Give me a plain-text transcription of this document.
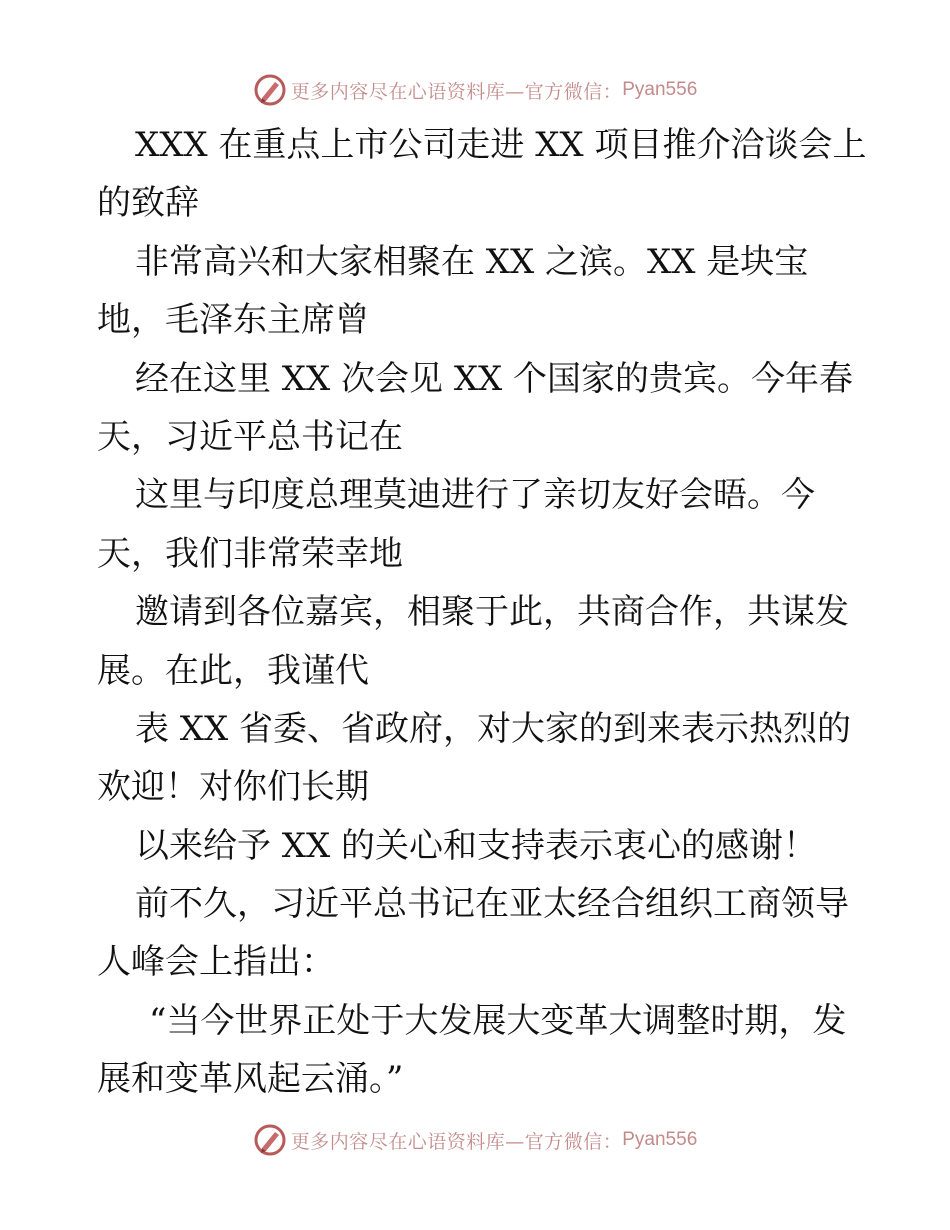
更多内容尽在心语资料库—官方微信： Pyan556
XXX 在重点上市公司走进 XX 项目推介洽谈会上
的致辞
非常高兴和大家相聚在 XX 之滨。XX 是块宝
地，毛泽东主席曾
经在这里 XX 次会见 XX 个国家的贵宾。今年春
天，习近平总书记在
这里与印度总理莫迪进行了亲切友好会晤。今
天，我们非常荣幸地
邀请到各位嘉宾，相聚于此，共商合作，共谋发
展。在此，我谨代
表 XX 省委、省政府，对大家的到来表示热烈的
欢迎！对你们长期
以来给予 XX 的关心和支持表示衷心的感谢！
前不久，习近平总书记在亚太经合组织工商领导
人峰会上指出：
“当今世界正处于大发展大变革大调整时期，发
展和变革风起云涌。”
更多内容尽在心语资料库—官方微信： Pyan556
